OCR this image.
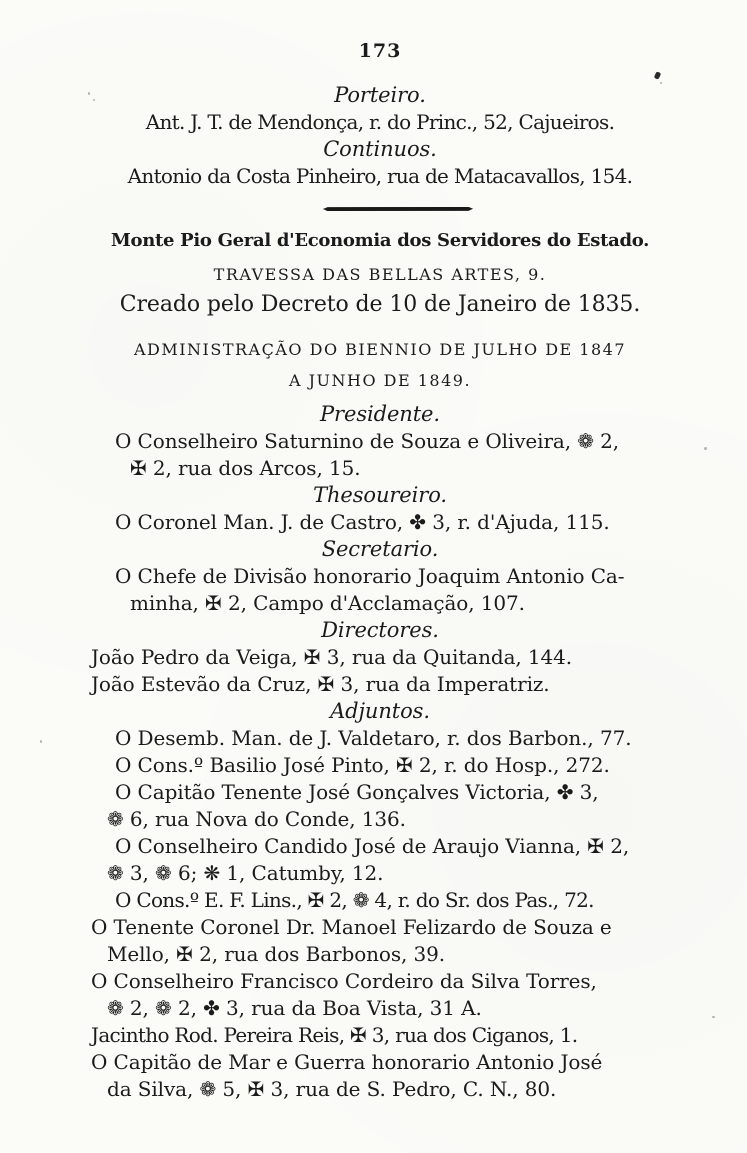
173
Porteiro.
Ant. J. T. de Mendonça, r. do Princ., 52, Cajueiros.
Continuos.
Antonio da Costa Pinheiro, rua de Matacavallos, 154.
Monte Pio Geral d'Economia dos Servidores do Estado.
TRAVESSA DAS BELLAS ARTES, 9.
Creado pelo Decreto de 10 de Janeiro de 1835.
ADMINISTRAÇÃO DO BIENNIO DE JULHO DE 1847
A JUNHO DE 1849.
Presidente.
O Conselheiro Saturnino de Souza e Oliveira, ❁ 2,
✠ 2, rua dos Arcos, 15.
Thesoureiro.
O Coronel Man. J. de Castro, ✤ 3, r. d'Ajuda, 115.
Secretario.
O Chefe de Divisão honorario Joaquim Antonio Ca-
minha, ✠ 2, Campo d'Acclamação, 107.
Directores.
João Pedro da Veiga, ✠ 3, rua da Quitanda, 144.
João Estevão da Cruz, ✠ 3, rua da Imperatriz.
Adjuntos.
O Desemb. Man. de J. Valdetaro, r. dos Barbon., 77.
O Cons.º Basilio José Pinto, ✠ 2, r. do Hosp., 272.
O Capitão Tenente José Gonçalves Victoria, ✤ 3,
❁ 6, rua Nova do Conde, 136.
O Conselheiro Candido José de Araujo Vianna, ✠ 2,
❁ 3, ❁ 6; ❋ 1, Catumby, 12.
O Cons.º E. F. Lins., ✠ 2, ❁ 4, r. do Sr. dos Pas., 72.
O Tenente Coronel Dr. Manoel Felizardo de Souza e
Mello, ✠ 2, rua dos Barbonos, 39.
O Conselheiro Francisco Cordeiro da Silva Torres,
❁ 2, ❁ 2, ✤ 3, rua da Boa Vista, 31 A.
Jacintho Rod. Pereira Reis, ✠ 3, rua dos Ciganos, 1.
O Capitão de Mar e Guerra honorario Antonio José
da Silva, ❁ 5, ✠ 3, rua de S. Pedro, C. N., 80.
